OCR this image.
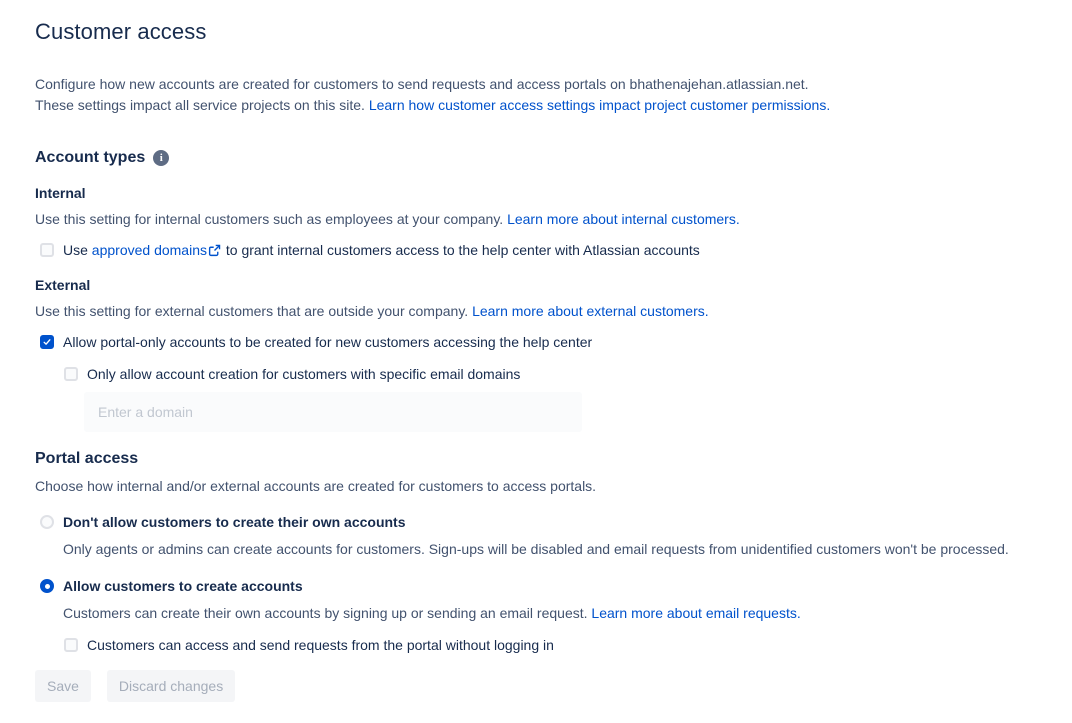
Customer access

Configure how new accounts are created for customers to send requests and access portals on bhathenajehan.atlassian.net.
These settings impact all service projects on this site. Learn how customer access settings impact project customer permissions.

Account types	i
Internal

Use this setting for internal customers such as employees at your company. Learn more about internal customers.

Use approved domains to grant internal customers access to the help center with Atlassian accounts
External

Use this setting for external customers that are outside your company. Learn more about external customers.

Allow portal-only accounts to be created for new customers accessing the help center
Only allow account creation for customers with specific email domains
Enter a domain
Portal access

Choose how internal and/or external accounts are created for customers to access portals.

Don't allow customers to create their own accounts

Only agents or admins can create accounts for customers. Sign-ups will be disabled and email requests from unidentified customers won't be processed.

Allow customers to create accounts

Customers can create their own accounts by signing up or sending an email request. Learn more about email requests.

Customers can access and send requests from the portal without logging in
Save	Discard changes
